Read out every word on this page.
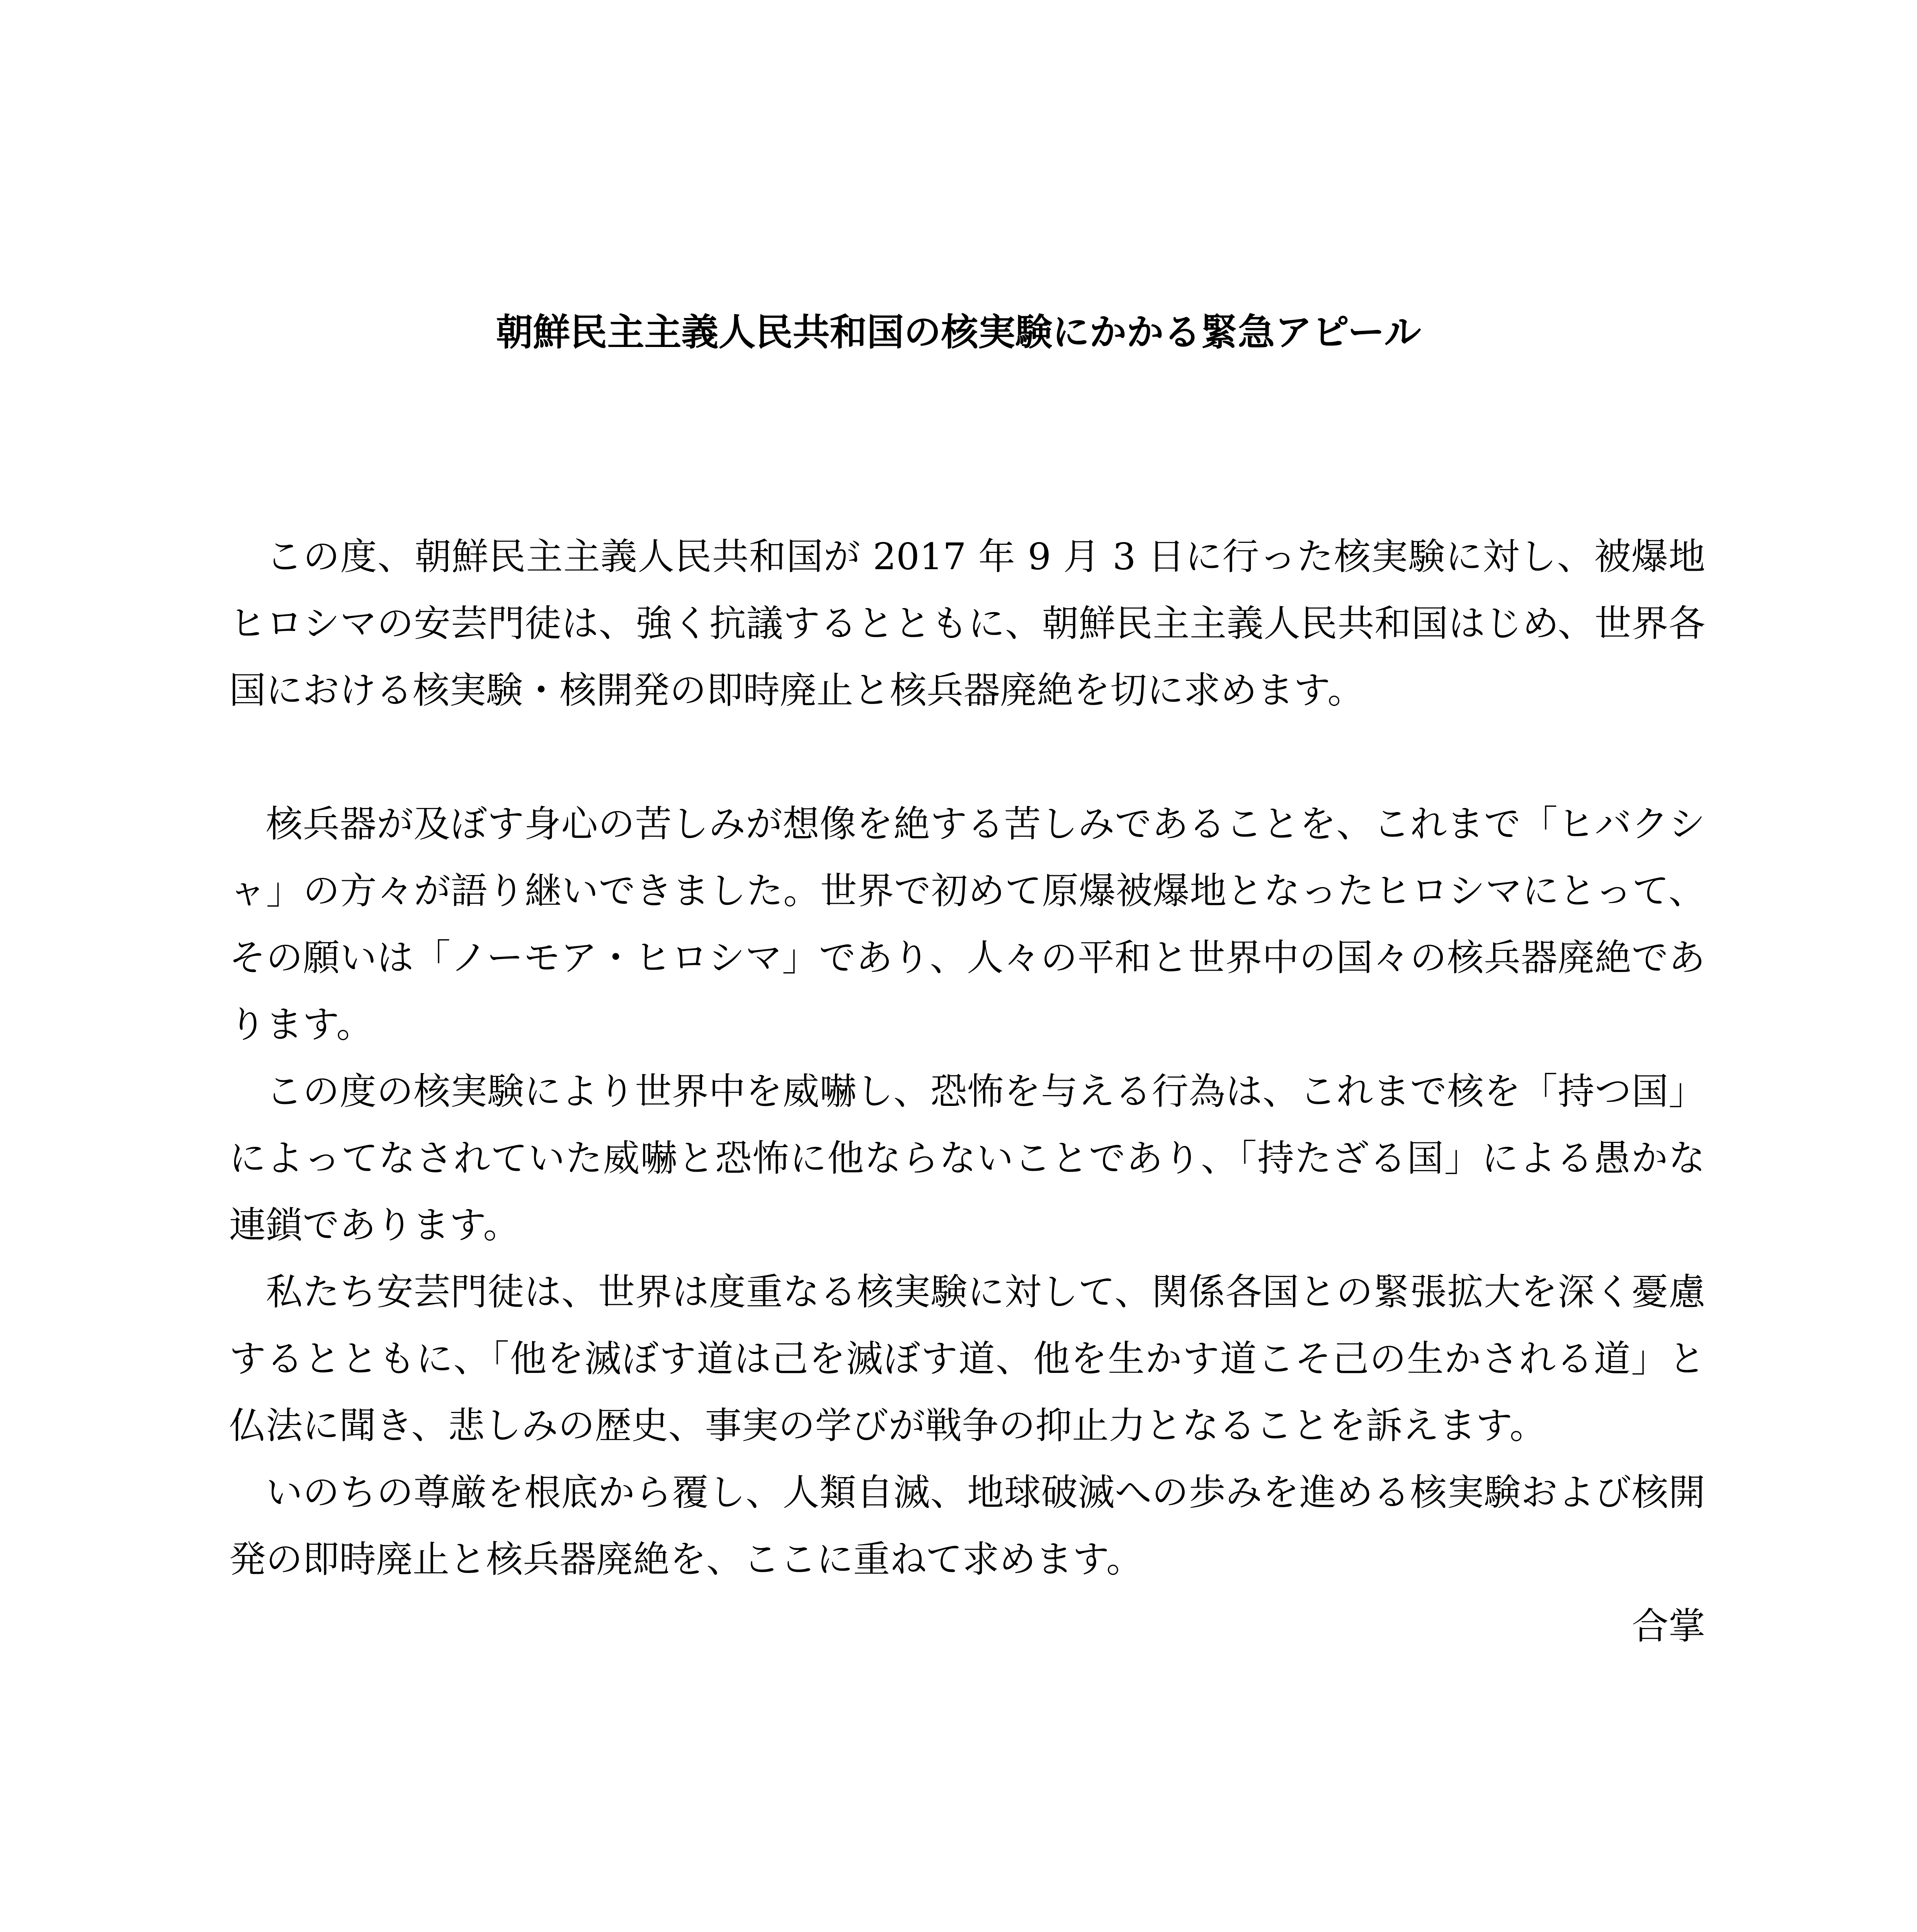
朝鮮民主主義人民共和国の核実験にかかる緊急アピール

この度、朝鮮民主主義人民共和国が 2017 年 9 月 3 日に行った核実験に対し、被爆地ヒロシマの安芸門徒は、強く抗議するとともに、朝鮮民主主義人民共和国はじめ、世界各国における核実験・核開発の即時廃止と核兵器廃絶を切に求めます。

核兵器が及ぼす身心の苦しみが想像を絶する苦しみであることを、これまで「ヒバクシャ」の方々が語り継いできました。世界で初めて原爆被爆地となったヒロシマにとって、その願いは「ノーモア・ヒロシマ」であり、人々の平和と世界中の国々の核兵器廃絶であります。

この度の核実験により世界中を威嚇し、恐怖を与える行為は、これまで核を「持つ国」によってなされていた威嚇と恐怖に他ならないことであり、「持たざる国」による愚かな連鎖であります。

私たち安芸門徒は、世界は度重なる核実験に対して、関係各国との緊張拡大を深く憂慮するとともに、「他を滅ぼす道は己を滅ぼす道、他を生かす道こそ己の生かされる道」と仏法に聞き、悲しみの歴史、事実の学びが戦争の抑止力となることを訴えます。

いのちの尊厳を根底から覆し、人類自滅、地球破滅への歩みを進める核実験および核開発の即時廃止と核兵器廃絶を、ここに重ねて求めます。

合掌
